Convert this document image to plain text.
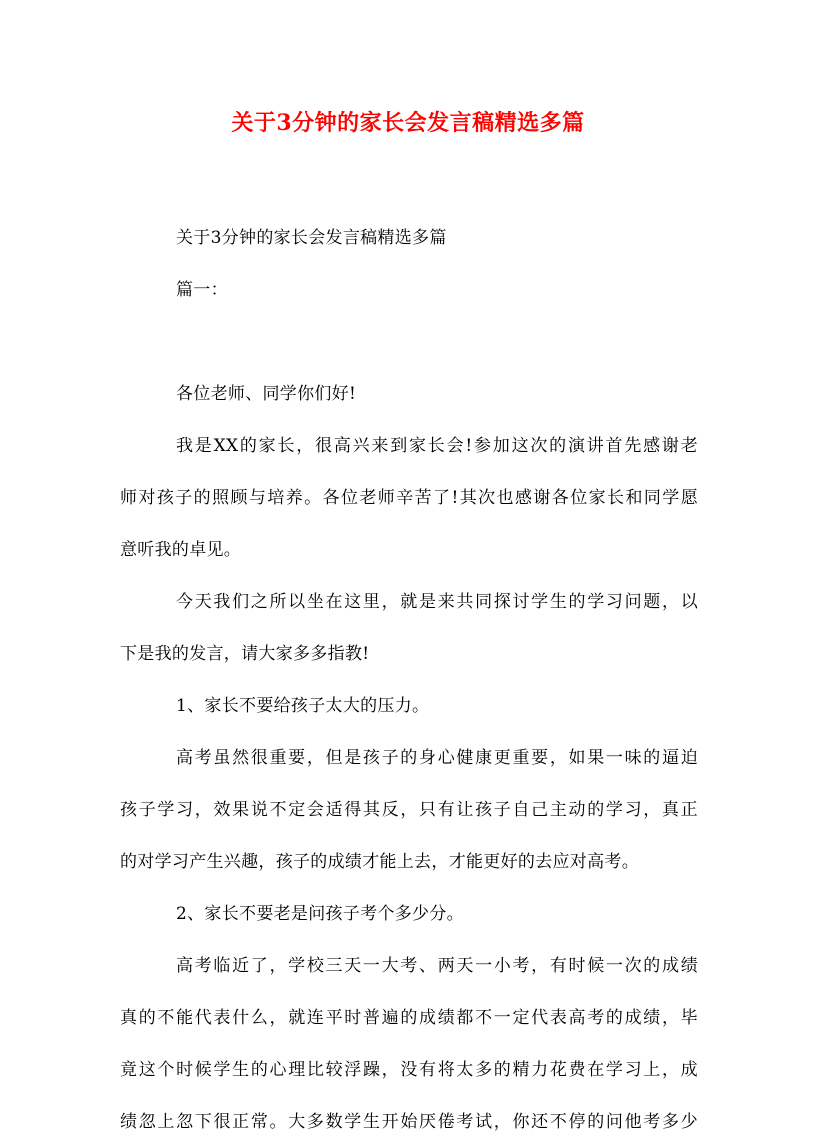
关于3分钟的家长会发言稿精选多篇
关于3分钟的家长会发言稿精选多篇
篇一：
各位老师、同学你们好!
我是XX的家长，很高兴来到家长会!参加这次的演讲首先感谢老
师对孩子的照顾与培养。各位老师辛苦了!其次也感谢各位家长和同学愿
意听我的卓见。
今天我们之所以坐在这里，就是来共同探讨学生的学习问题，以
下是我的发言，请大家多多指教!
1、家长不要给孩子太大的压力。
高考虽然很重要，但是孩子的身心健康更重要，如果一味的逼迫
孩子学习，效果说不定会适得其反，只有让孩子自己主动的学习，真正
的对学习产生兴趣，孩子的成绩才能上去，才能更好的去应对高考。
2、家长不要老是问孩子考个多少分。
高考临近了，学校三天一大考、两天一小考，有时候一次的成绩
真的不能代表什么，就连平时普遍的成绩都不一定代表高考的成绩，毕
竟这个时候学生的心理比较浮躁，没有将太多的精力花费在学习上，成
绩忽上忽下很正常。大多数学生开始厌倦考试，你还不停的问他考多少
